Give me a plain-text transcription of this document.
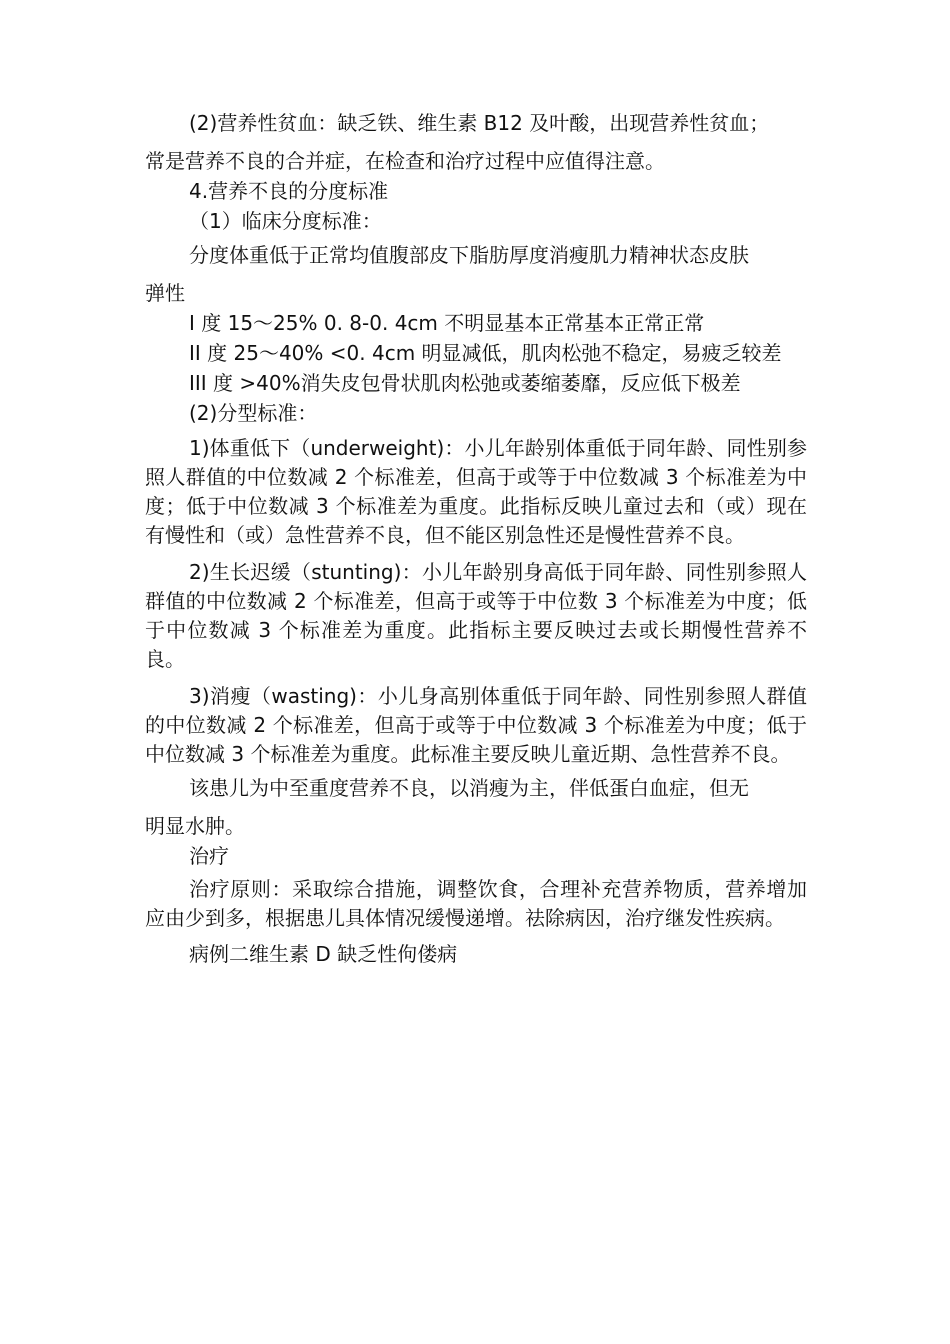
(2)营养性贫血：缺乏铁、维生素 B12 及叶酸，出现营养性贫血；
常是营养不良的合并症，在检查和治疗过程中应值得注意。
4.营养不良的分度标准
（1）临床分度标准：
分度体重低于正常均值腹部皮下脂肪厚度消瘦肌力精神状态皮肤
弹性
I 度 15～25% 0. 8-0. 4cm 不明显基本正常基本正常正常
II 度 25～40% <0. 4cm 明显减低，肌肉松弛不稳定，易疲乏较差
III 度 >40%消失皮包骨状肌肉松弛或萎缩萎靡，反应低下极差
(2)分型标准：
1)体重低下（underweight)：小儿年龄别体重低于同年龄、同性别参照人群值的中位数减 2 个标准差，但高于或等于中位数减 3 个标准差为中度；低于中位数减 3 个标准差为重度。此指标反映儿童过去和（或）现在有慢性和（或）急性营养不良，但不能区别急性还是慢性营养不良。
2)生长迟缓（stunting)：小儿年龄别身高低于同年龄、同性别参照人群值的中位数减 2 个标准差，但高于或等于中位数 3 个标准差为中度；低于中位数减 3 个标准差为重度。此指标主要反映过去或长期慢性营养不良。
3)消瘦（wasting)：小儿身高别体重低于同年龄、同性别参照人群值的中位数减 2 个标准差，但高于或等于中位数减 3 个标准差为中度；低于中位数减 3 个标准差为重度。此标准主要反映儿童近期、急性营养不良。
该患儿为中至重度营养不良，以消瘦为主，伴低蛋白血症，但无
明显水肿。
治疗
治疗原则：采取综合措施，调整饮食，合理补充营养物质，营养增加应由少到多，根据患儿具体情况缓慢递增。祛除病因，治疗继发性疾病。
病例二维生素 D 缺乏性佝偻病
